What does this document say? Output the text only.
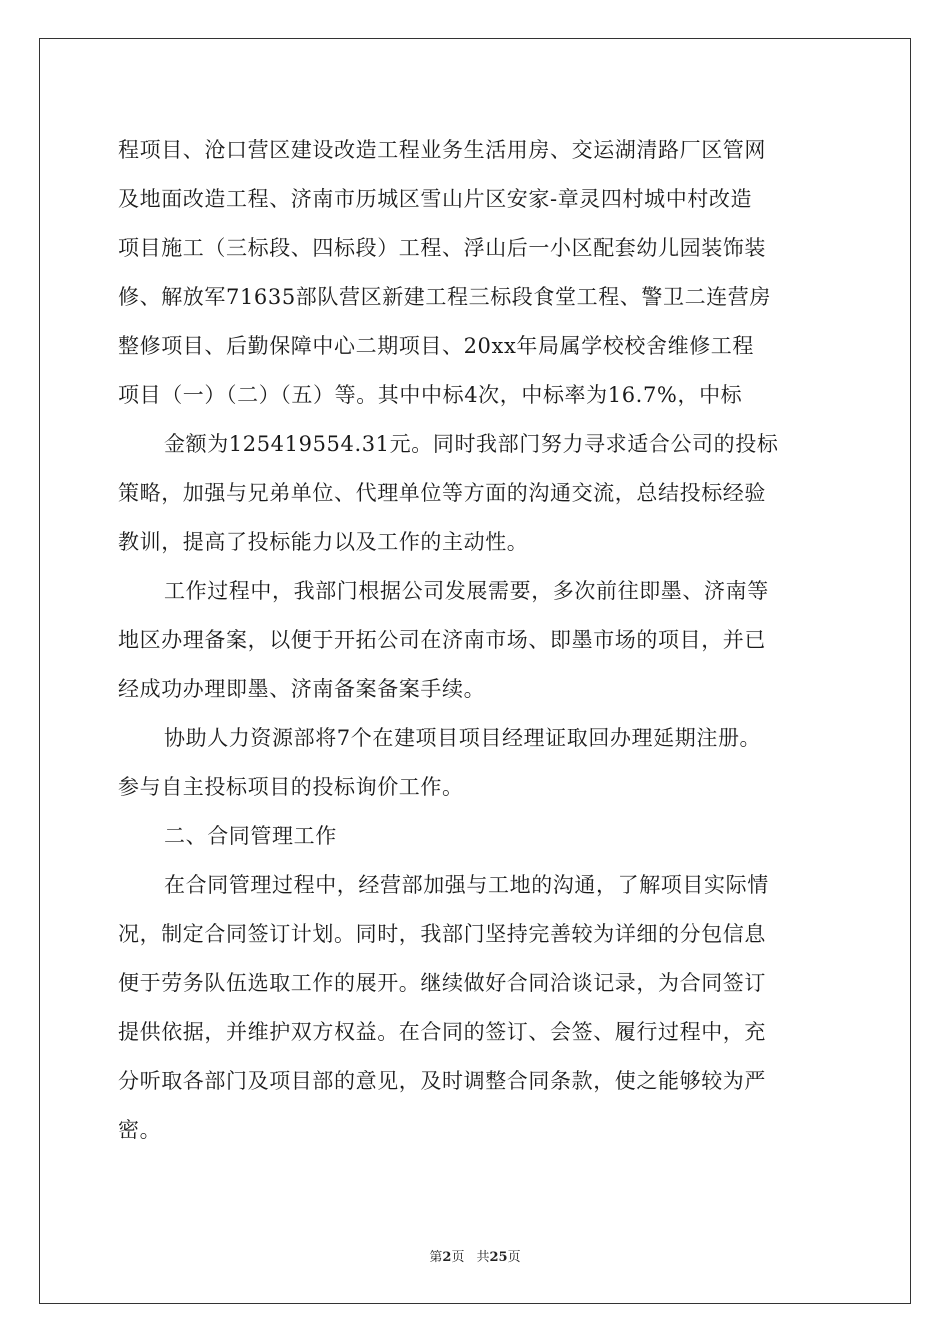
程项目、沧口营区建设改造工程业务生活用房、交运湖清路厂区管网
及地面改造工程、济南市历城区雪山片区安家-章灵四村城中村改造
项目施工（三标段、四标段）工程、浮山后一小区配套幼儿园装饰装
修、解放军71635部队营区新建工程三标段食堂工程、警卫二连营房
整修项目、后勤保障中心二期项目、20xx年局属学校校舍维修工程
项目（一）（二）（五）等。其中中标4次，中标率为16.7%，中标
金额为125419554.31元。同时我部门努力寻求适合公司的投标
策略，加强与兄弟单位、代理单位等方面的沟通交流，总结投标经验
教训，提高了投标能力以及工作的主动性。
工作过程中，我部门根据公司发展需要，多次前往即墨、济南等
地区办理备案，以便于开拓公司在济南市场、即墨市场的项目，并已
经成功办理即墨、济南备案备案手续。
协助人力资源部将7个在建项目项目经理证取回办理延期注册。
参与自主投标项目的投标询价工作。
二、合同管理工作
在合同管理过程中，经营部加强与工地的沟通，了解项目实际情
况，制定合同签订计划。同时，我部门坚持完善较为详细的分包信息
便于劳务队伍选取工作的展开。继续做好合同洽谈记录，为合同签订
提供依据，并维护双方权益。在合同的签订、会签、履行过程中，充
分听取各部门及项目部的意见，及时调整合同条款，使之能够较为严
密。
第2页 共25页
